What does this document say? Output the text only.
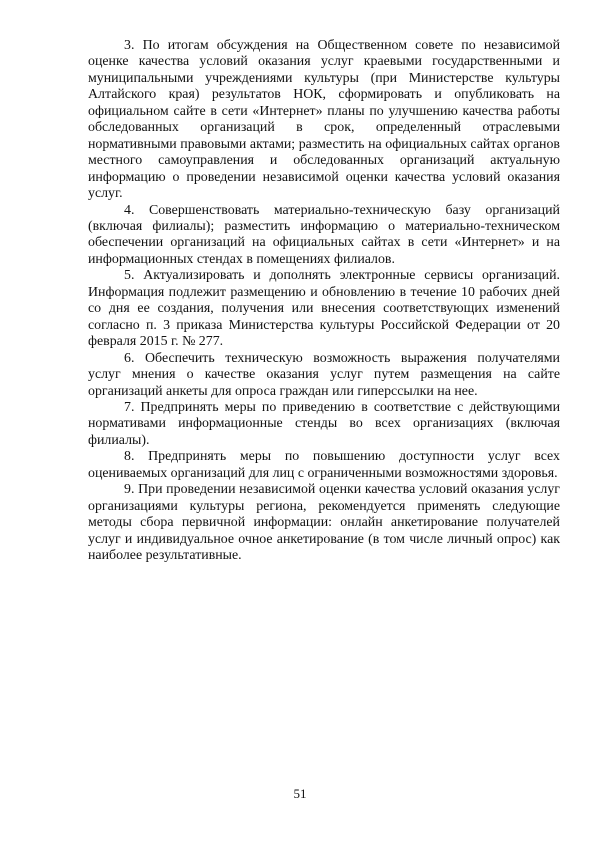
3. По итогам обсуждения на Общественном совете по независимой оценке качества условий оказания услуг краевыми государственными и муниципальными учреждениями культуры (при Министерстве культуры Алтайского края) результатов НОК, сформировать и опубликовать на официальном сайте в сети «Интернет» планы по улучшению качества работы обследованных организаций в срок, определенный отраслевыми нормативными правовыми актами; разместить на официальных сайтах органов местного самоуправления и обследованных организаций актуальную информацию о проведении независимой оценки качества условий оказания услуг.

4. Совершенствовать материально-техническую базу организаций (включая филиалы); разместить информацию о материально-техническом обеспечении организаций на официальных сайтах в сети «Интернет» и на информационных стендах в помещениях филиалов.

5. Актуализировать и дополнять электронные сервисы организаций. Информация подлежит размещению и обновлению в течение 10 рабочих дней со дня ее создания, получения или внесения соответствующих изменений согласно п. 3 приказа Министерства культуры Российской Федерации от 20 февраля 2015 г. № 277.

6. Обеспечить техническую возможность выражения получателями услуг мнения о качестве оказания услуг путем размещения на сайте организаций анкеты для опроса граждан или гиперссылки на нее.

7. Предпринять меры по приведению в соответствие с действующими нормативами информационные стенды во всех организациях (включая филиалы).

8. Предпринять меры по повышению доступности услуг всех оцениваемых организаций для лиц с ограниченными возможностями здоровья.

9. При проведении независимой оценки качества условий оказания услуг организациями культуры региона, рекомендуется применять следующие методы сбора первичной информации: онлайн анкетирование получателей услуг и индивидуальное очное анкетирование (в том числе личный опрос) как наиболее результативные.

51
